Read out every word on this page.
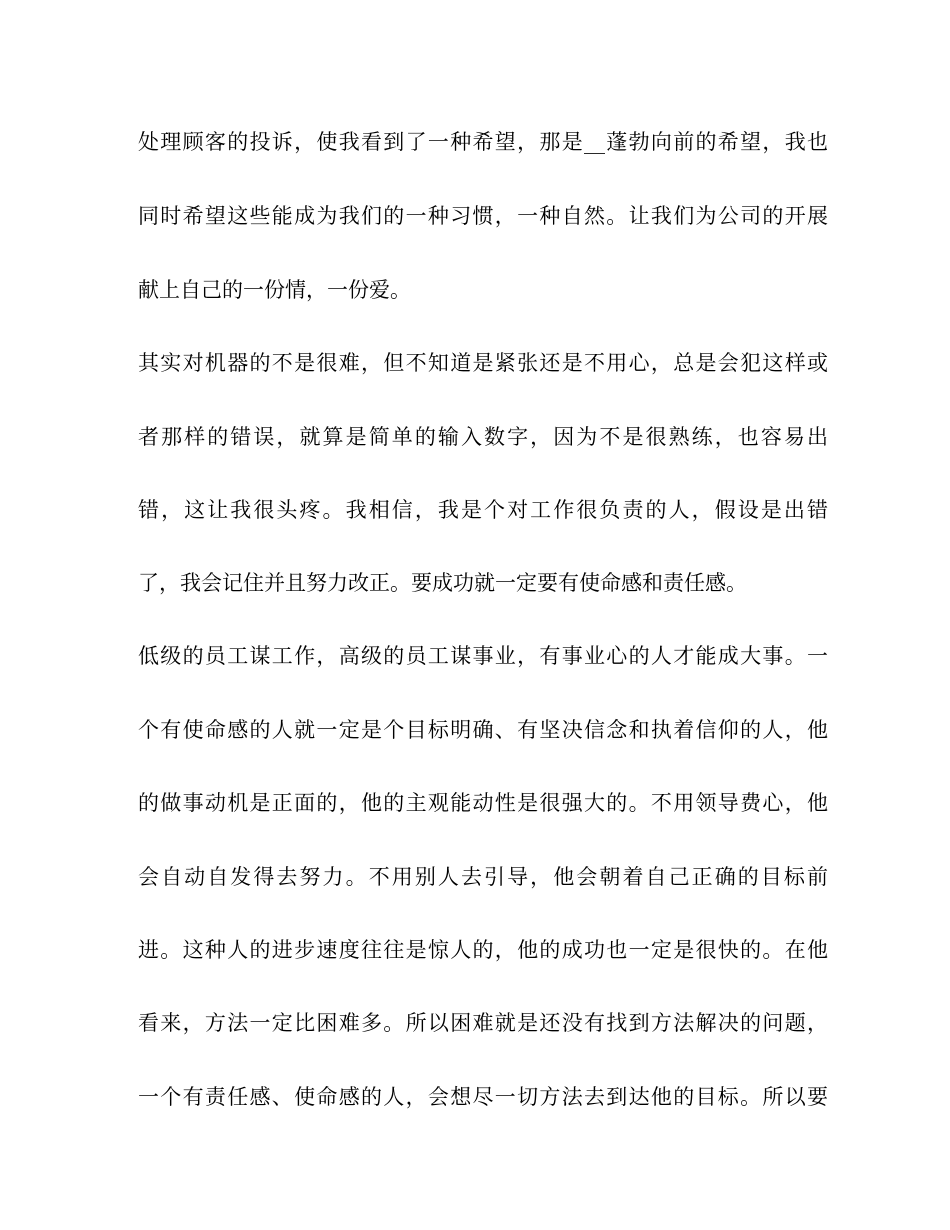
处理顾客的投诉，使我看到了一种希望，那是__蓬勃向前的希望，我也

同时希望这些能成为我们的一种习惯，一种自然。让我们为公司的开展

献上自己的一份情，一份爱。

其实对机器的不是很难，但不知道是紧张还是不用心，总是会犯这样或

者那样的错误，就算是简单的输入数字，因为不是很熟练，也容易出

错，这让我很头疼。我相信，我是个对工作很负责的人，假设是出错

了，我会记住并且努力改正。要成功就一定要有使命感和责任感。

低级的员工谋工作，高级的员工谋事业，有事业心的人才能成大事。一

个有使命感的人就一定是个目标明确、有坚决信念和执着信仰的人，他

的做事动机是正面的，他的主观能动性是很强大的。不用领导费心，他

会自动自发得去努力。不用别人去引导，他会朝着自己正确的目标前

进。这种人的进步速度往往是惊人的，他的成功也一定是很快的。在他

看来，方法一定比困难多。所以困难就是还没有找到方法解决的问题，

一个有责任感、使命感的人，会想尽一切方法去到达他的目标。所以要
